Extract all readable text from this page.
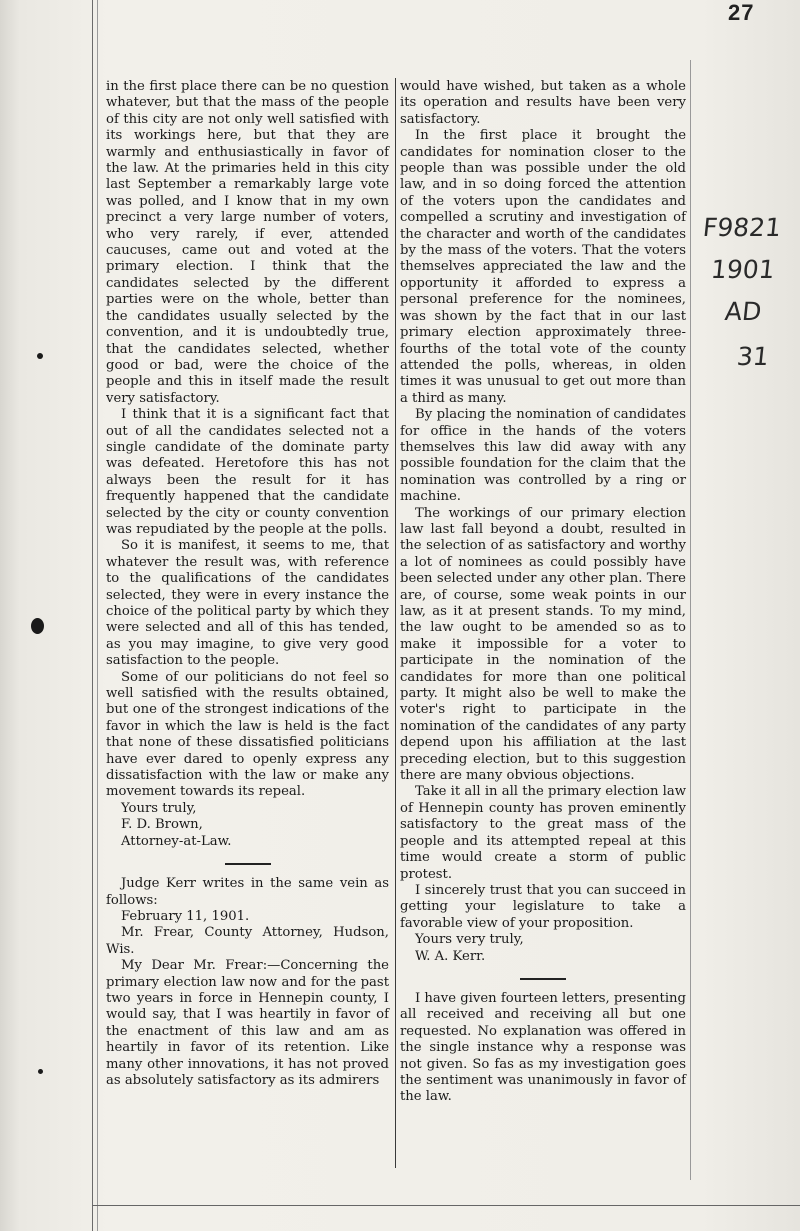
27
F9821
1901
AD
31

in the first place there can be no question whatever, but that the mass of the people of this city are not only well satisfied with its workings here, but that they are warmly and enthusiastically in favor of the law. At the primaries held in this city last September a remarkably large vote was polled, and I know that in my own precinct a very large number of voters, who very rarely, if ever, attended caucuses, came out and voted at the primary election. I think that the candidates selected by the different parties were on the whole, better than the candidates usually selected by the convention, and it is undoubtedly true, that the candidates selected, whether good or bad, were the choice of the people and this in itself made the result very satisfactory.

I think that it is a significant fact that out of all the candidates selected not a single candidate of the dominate party was defeated. Heretofore this has not always been the result for it has frequently happened that the candidate selected by the city or county convention was repudiated by the people at the polls.

So it is manifest, it seems to me, that whatever the result was, with reference to the qualifications of the candidates selected, they were in every instance the choice of the political party by which they were selected and all of this has tended, as you may imagine, to give very good satisfaction to the people.

Some of our politicians do not feel so well satisfied with the results obtained, but one of the strongest indications of the favor in which the law is held is the fact that none of these dissatisfied politicians have ever dared to openly express any dissatisfaction with the law or make any movement towards its repeal.

Yours truly,

F. D. Brown,

Attorney-at-Law.

Judge Kerr writes in the same vein as follows:

February 11, 1901.

Mr. Frear, County Attorney, Hudson, Wis.

My Dear Mr. Frear:—Concerning the primary election law now and for the past two years in force in Hennepin county, I would say, that I was heartily in favor of the enactment of this law and am as heartily in favor of its retention. Like many other innovations, it has not proved as absolutely satisfactory as its admirers

would have wished, but taken as a whole its operation and results have been very satisfactory.

In the first place it brought the candidates for nomination closer to the people than was possible under the old law, and in so doing forced the attention of the voters upon the candidates and compelled a scrutiny and investigation of the character and worth of the candidates by the mass of the voters. That the voters themselves appreciated the law and the opportunity it afforded to express a personal preference for the nominees, was shown by the fact that in our last primary election approximately three-fourths of the total vote of the county attended the polls, whereas, in olden times it was unusual to get out more than a third as many.

By placing the nomination of candidates for office in the hands of the voters themselves this law did away with any possible foundation for the claim that the nomination was controlled by a ring or machine.

The workings of our primary election law last fall beyond a doubt, resulted in the selection of as satisfactory and worthy a lot of nominees as could possibly have been selected under any other plan. There are, of course, some weak points in our law, as it at present stands. To my mind, the law ought to be amended so as to make it impossible for a voter to participate in the nomination of the candidates for more than one political party. It might also be well to make the voter's right to participate in the nomination of the candidates of any party depend upon his affiliation at the last preceding election, but to this suggestion there are many obvious objections.

Take it all in all the primary election law of Hennepin county has proven eminently satisfactory to the great mass of the people and its attempted repeal at this time would create a storm of public protest.

I sincerely trust that you can succeed in getting your legislature to take a favorable view of your proposition.

Yours very truly,

W. A. Kerr.

I have given fourteen letters, presenting all received and receiving all but one requested. No explanation was offered in the single instance why a response was not given. So fas as my investigation goes the sentiment was unanimously in favor of the law.
